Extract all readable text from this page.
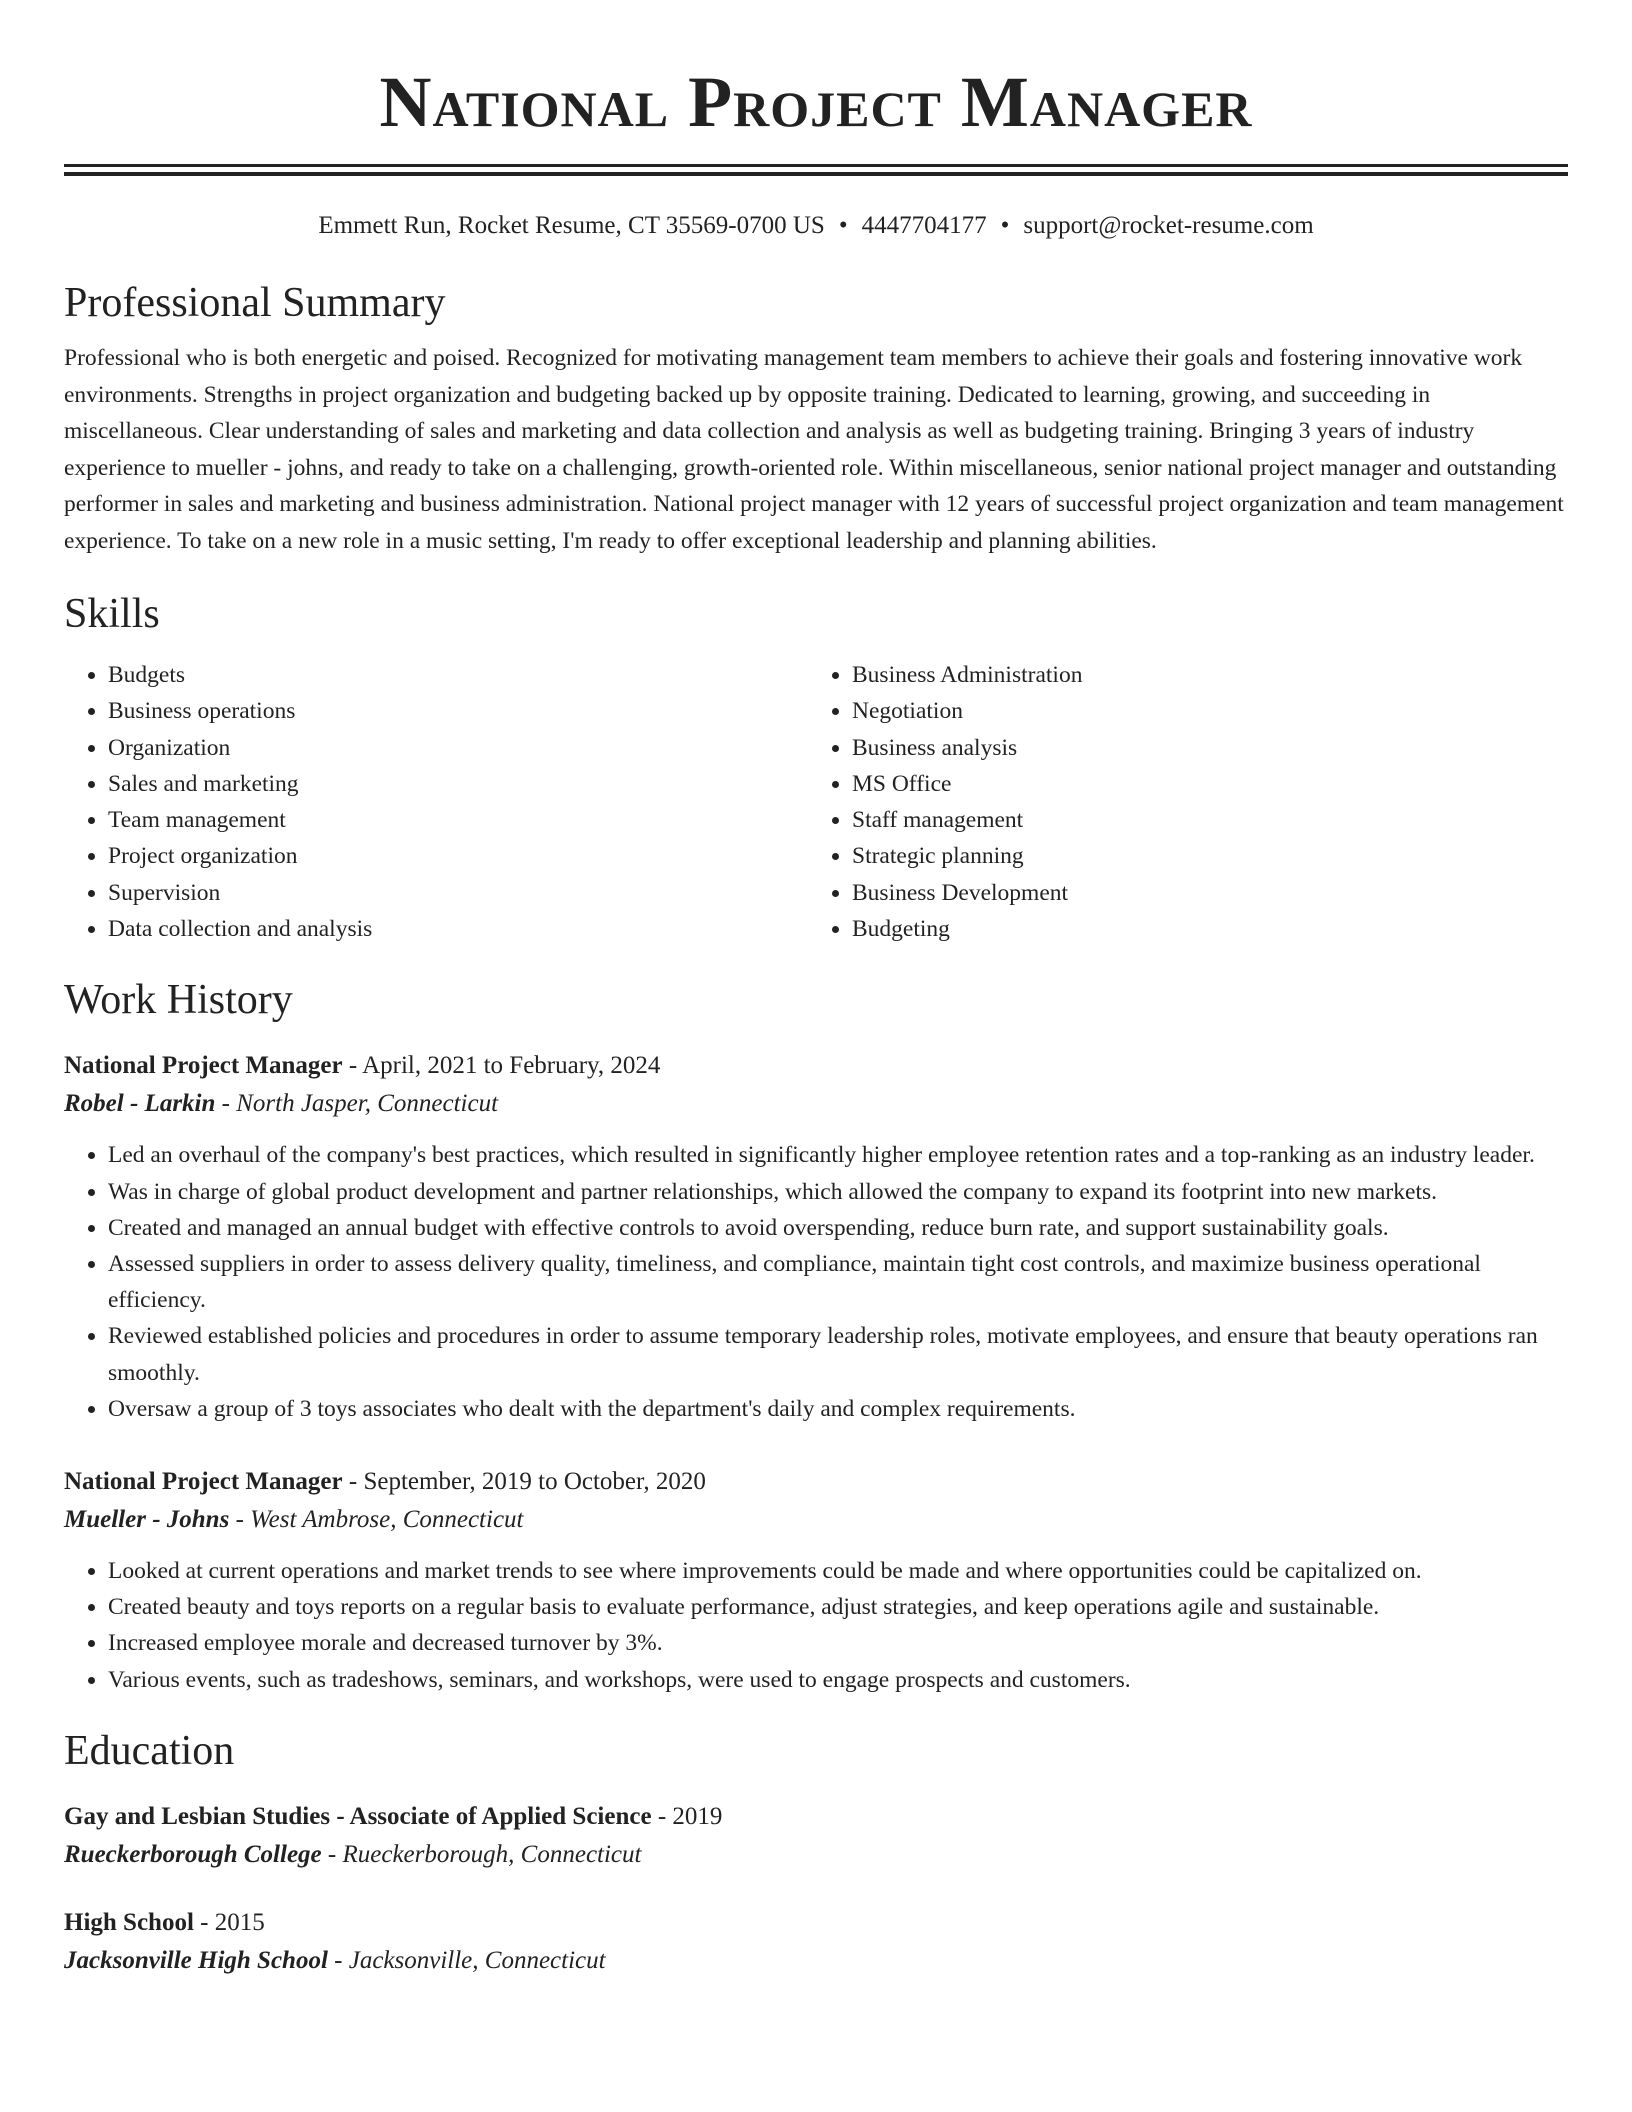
National Project Manager
Emmett Run, Rocket Resume, CT 35569-0700 US • 4447704177 • support@rocket-resume.com
Professional Summary

Professional who is both energetic and poised. Recognized for motivating management team members to achieve their goals and fostering innovative work environments. Strengths in project organization and budgeting backed up by opposite training. Dedicated to learning, growing, and succeeding in miscellaneous. Clear understanding of sales and marketing and data collection and analysis as well as budgeting training. Bringing 3 years of industry experience to mueller - johns, and ready to take on a challenging, growth-oriented role. Within miscellaneous, senior national project manager and outstanding performer in sales and marketing and business administration. National project manager with 12 years of successful project organization and team management experience. To take on a new role in a music setting, I'm ready to offer exceptional leadership and planning abilities.

Skills
• Budgets
• Business operations
• Organization
• Sales and marketing
• Team management
• Project organization
• Supervision
• Data collection and analysis
• Business Administration
• Negotiation
• Business analysis
• MS Office
• Staff management
• Strategic planning
• Business Development
• Budgeting
Work History
National Project Manager - April, 2021 to February, 2024
Robel - Larkin - North Jasper, Connecticut
• Led an overhaul of the company's best practices, which resulted in significantly higher employee retention rates and a top-ranking as an industry leader.
• Was in charge of global product development and partner relationships, which allowed the company to expand its footprint into new markets.
• Created and managed an annual budget with effective controls to avoid overspending, reduce burn rate, and support sustainability goals.
• Assessed suppliers in order to assess delivery quality, timeliness, and compliance, maintain tight cost controls, and maximize business operational efficiency.
• Reviewed established policies and procedures in order to assume temporary leadership roles, motivate employees, and ensure that beauty operations ran smoothly.
• Oversaw a group of 3 toys associates who dealt with the department's daily and complex requirements.
National Project Manager - September, 2019 to October, 2020
Mueller - Johns - West Ambrose, Connecticut
• Looked at current operations and market trends to see where improvements could be made and where opportunities could be capitalized on.
• Created beauty and toys reports on a regular basis to evaluate performance, adjust strategies, and keep operations agile and sustainable.
• Increased employee morale and decreased turnover by 3%.
• Various events, such as tradeshows, seminars, and workshops, were used to engage prospects and customers.
Education
Gay and Lesbian Studies - Associate of Applied Science - 2019
Rueckerborough College - Rueckerborough, Connecticut
High School - 2015
Jacksonville High School - Jacksonville, Connecticut
